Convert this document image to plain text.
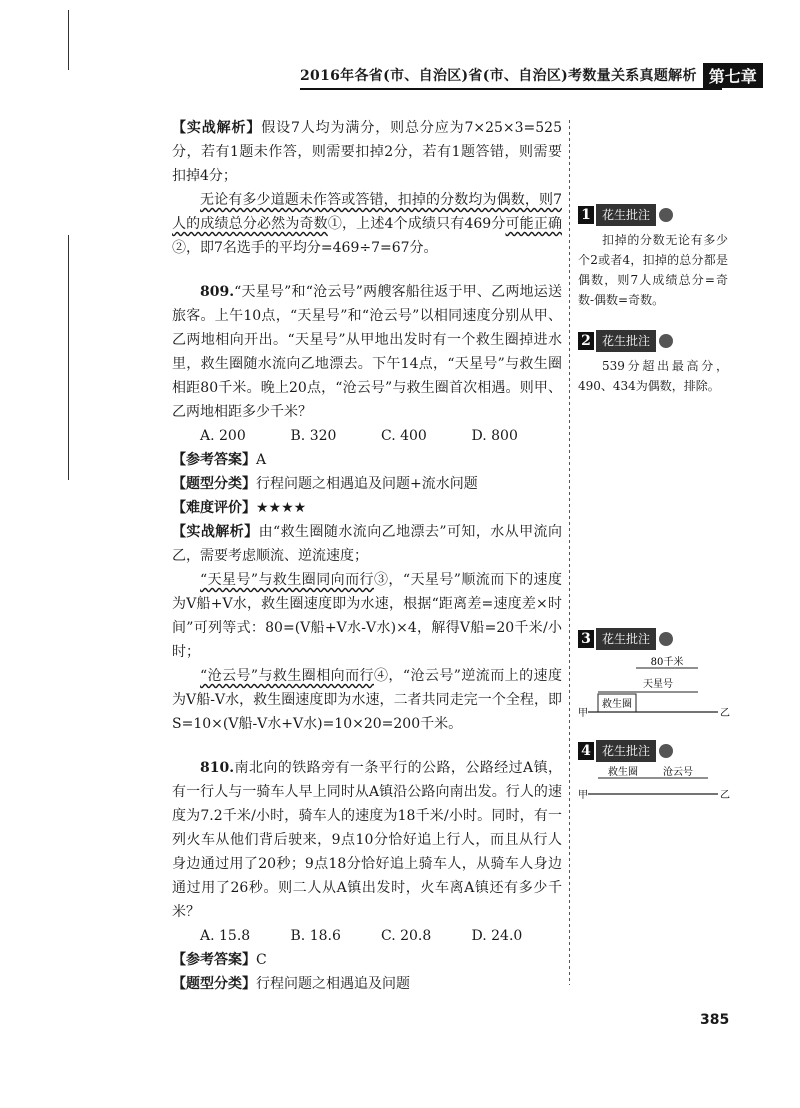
2016年各省(市、自治区)省(市、自治区)考数量关系真题解析 第七章

【实战解析】假设7人均为满分，则总分应为7×25×3=525分，若有1题未作答，则需要扣掉2分，若有1题答错，则需要扣掉4分；

无论有多少道题未作答或答错，扣掉的分数均为偶数，则7人的成绩总分必然为奇数①，上述4个成绩只有469分可能正确②，即7名选手的平均分=469÷7=67分。

809.“天星号”和“沧云号”两艘客船往返于甲、乙两地运送旅客。上午10点，“天星号”和“沧云号”以相同速度分别从甲、乙两地相向开出。“天星号”从甲地出发时有一个救生圈掉进水里，救生圈随水流向乙地漂去。下午14点，“天星号”与救生圈相距80千米。晚上20点，“沧云号”与救生圈首次相遇。则甲、乙两地相距多少千米？

A. 200	B. 320	C. 400	D. 800

【参考答案】A

【题型分类】行程问题之相遇追及问题+流水问题

【难度评价】★★★★

【实战解析】由“救生圈随水流向乙地漂去”可知，水从甲流向乙，需要考虑顺流、逆流速度；

“天星号”与救生圈同向而行③，“天星号”顺流而下的速度为V船+V水，救生圈速度即为水速，根据“距离差=速度差×时间”可列等式：80=(V船+V水-V水)×4，解得V船=20千米/小时；

“沧云号”与救生圈相向而行④，“沧云号”逆流而上的速度为V船-V水，救生圈速度即为水速，二者共同走完一个全程，即S=10×(V船-V水+V水)=10×20=200千米。

810.南北向的铁路旁有一条平行的公路，公路经过A镇，有一行人与一骑车人早上同时从A镇沿公路向南出发。行人的速度为7.2千米/小时，骑车人的速度为18千米/小时。同时，有一列火车从他们背后驶来，9点10分恰好追上行人，而且从行人身边通过用了20秒；9点18分恰好追上骑车人，从骑车人身边通过用了26秒。则二人从A镇出发时，火车离A镇还有多少千米？

A. 15.8	B. 18.6	C. 20.8	D. 24.0

【参考答案】C

【题型分类】行程问题之相遇追及问题

1 花生批注

扣掉的分数无论有多少个2或者4，扣掉的总分都是偶数，则7人成绩总分=奇数-偶数=奇数。

2 花生批注

539分超出最高分，490、434为偶数，排除。

3 花生批注
救生圈
天星号
80千米
甲	乙
4 花生批注
救生圈	沧云号
甲	乙
385
